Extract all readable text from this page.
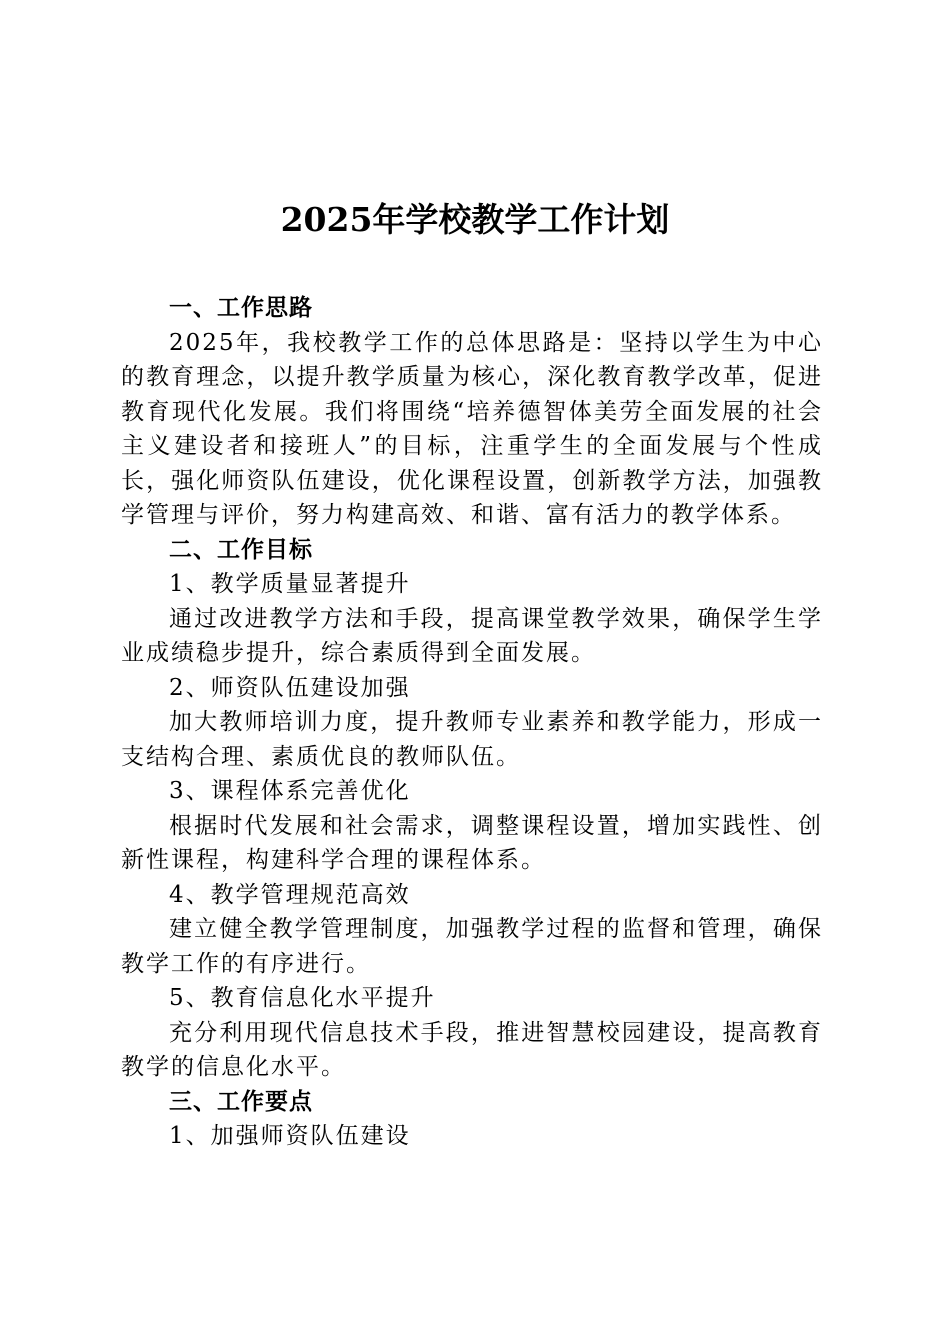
2025年学校教学工作计划

一、工作思路

2025年，我校教学工作的总体思路是：坚持以学生为中心的教育理念，以提升教学质量为核心，深化教育教学改革，促进教育现代化发展。我们将围绕“培养德智体美劳全面发展的社会主义建设者和接班人”的目标，注重学生的全面发展与个性成长，强化师资队伍建设，优化课程设置，创新教学方法，加强教学管理与评价，努力构建高效、和谐、富有活力的教学体系。

二、工作目标

1、教学质量显著提升

通过改进教学方法和手段，提高课堂教学效果，确保学生学业成绩稳步提升，综合素质得到全面发展。

2、师资队伍建设加强

加大教师培训力度，提升教师专业素养和教学能力，形成一支结构合理、素质优良的教师队伍。

3、课程体系完善优化

根据时代发展和社会需求，调整课程设置，增加实践性、创新性课程，构建科学合理的课程体系。

4、教学管理规范高效

建立健全教学管理制度，加强教学过程的监督和管理，确保教学工作的有序进行。

5、教育信息化水平提升

充分利用现代信息技术手段，推进智慧校园建设，提高教育教学的信息化水平。

三、工作要点

1、加强师资队伍建设
